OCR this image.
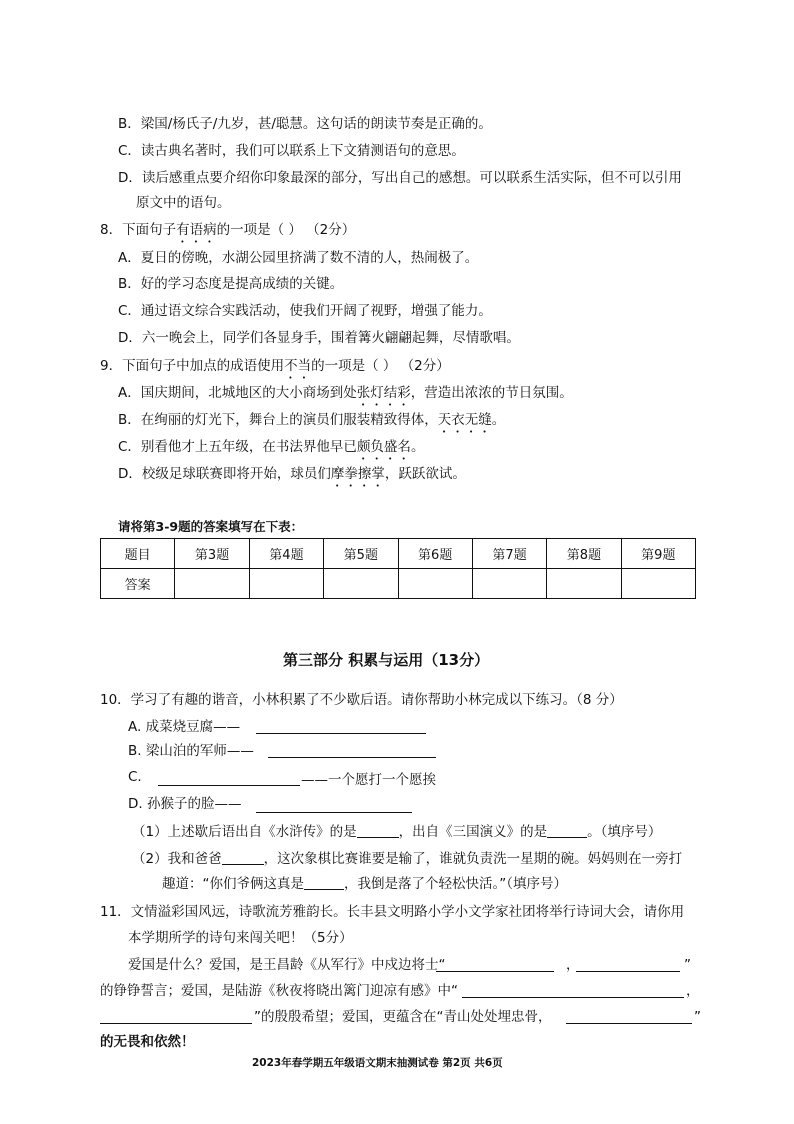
B．梁国/杨氏子/九岁，甚/聪慧。这句话的朗读节奏是正确的。
C．读古典名著时，我们可以联系上下文猜测语句的意思。
D．读后感重点要介绍你印象最深的部分，写出自己的感想。可以联系生活实际，但不可以引用
原文中的语句。
8．下面句子有语病的一项是（ ） （2分）
A．夏日的傍晚，水湖公园里挤满了数不清的人，热闹极了。
B．好的学习态度是提高成绩的关键。
C．通过语文综合实践活动，使我们开阔了视野，增强了能力。
D．六一晚会上，同学们各显身手，围着篝火翩翩起舞，尽情歌唱。
9．下面句子中加点的成语使用不当的一项是（ ） （2分）
A．国庆期间，北城地区的大小商场到处张灯结彩，营造出浓浓的节日氛围。
B．在绚丽的灯光下，舞台上的演员们服装精致得体，天衣无缝。
C．别看他才上五年级，在书法界他早已颇负盛名。
D．校级足球联赛即将开始，球员们摩拳擦掌，跃跃欲试。
请将第3-9题的答案填写在下表：
题目	第3题	第4题	第5题	第6题	第7题	第8题	第9题
答案							
第三部分 积累与运用（13分）
10．学习了有趣的谐音，小林积累了不少歇后语。请你帮助小林完成以下练习。（8 分）
A. 成菜烧豆腐——
B. 梁山泊的军师——
C.	——一个愿打一个愿挨
D. 孙猴子的脸——
（1）上述歇后语出自《水浒传》的是	，出自《三国演义》的是	。（填序号）
（2）我和爸爸	，这次象棋比赛谁要是输了，谁就负责洗一星期的碗。妈妈则在一旁打
趣道：“你们爷俩这真是	，我倒是落了个轻松快活。”（填序号）
11．文情溢彩国风远，诗歌流芳雅韵长。长丰县文明路小学小文学家社团将举行诗词大会，请你用
本学期所学的诗句来闯关吧！（5分）
爱国是什么？爱国，是王昌龄《从军行》中戍边将士“	，	”
的铮铮誓言；爱国，是陆游《秋夜将晓出篱门迎凉有感》中“	，
”的殷殷希望；爱国，更蕴含在“青山处处埋忠骨，	”
的无畏和依然！
2023年春学期五年级语文期末抽测试卷 第2页 共6页
